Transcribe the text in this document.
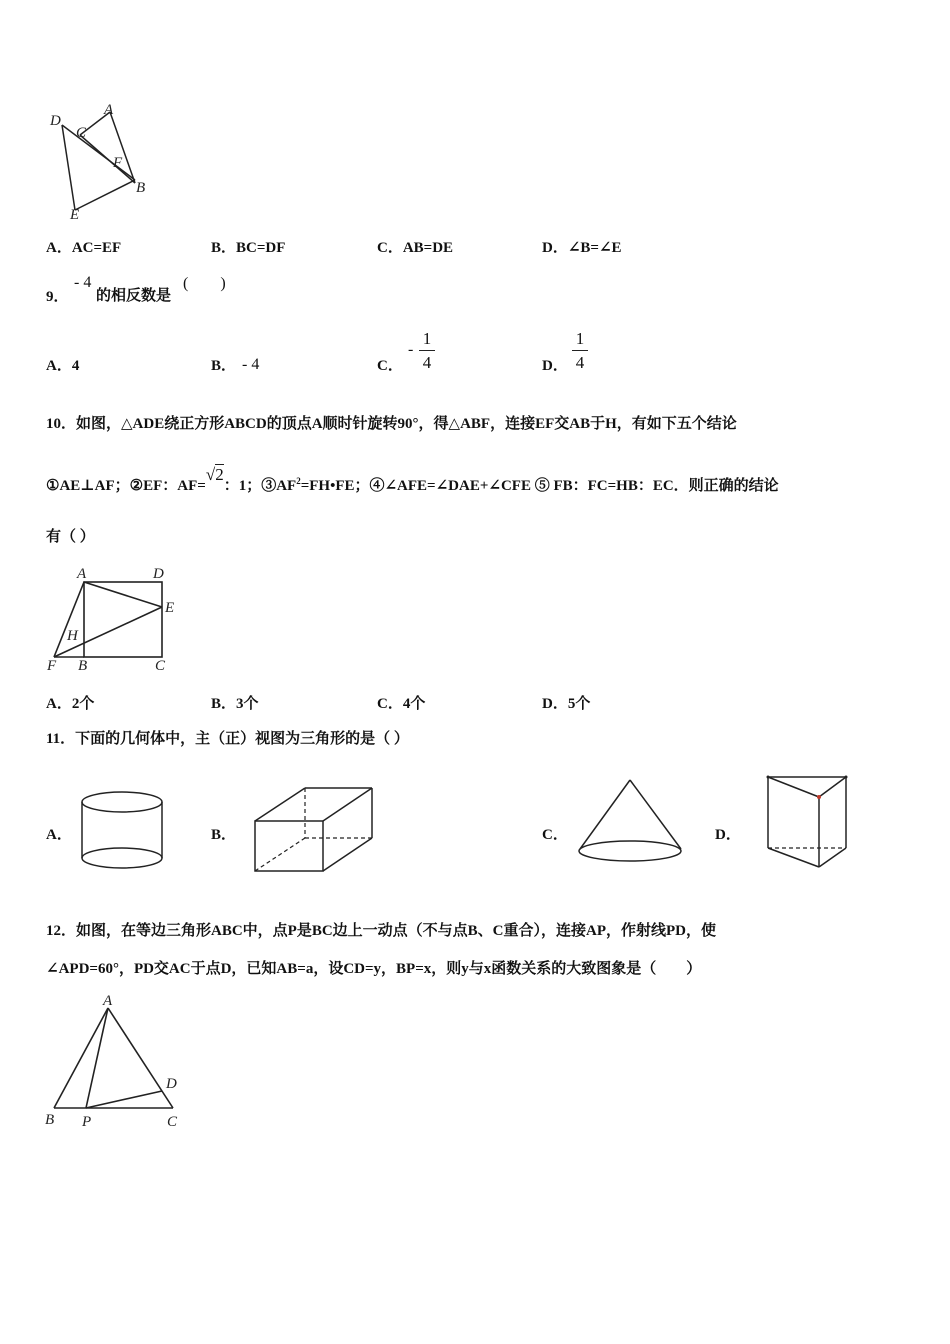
D
C
A
F
B
E
A．AC=EF	B．BC=DF	C．AB=DE	D．∠B=∠E
9．
- 4
的相反数是
(　　)
A．4	B． - 4	C．
-
1
4	D．
1
4
10．如图，△ADE绕正方形ABCD的顶点A顺时针旋转90°，得△ABF，连接EF交AB于H，有如下五个结论
①AE⊥AF；②EF：AF=√2：1；$③AF^2=FH•FE$；④∠AFE=∠DAE+∠CFE ⑤ FB：FC=HB：EC．则正确的结论
有（ ）
A	D
E
H
F B	C
A．2个	B．3个	C．4个	D．5个
11．下面的几何体中，主（正）视图为三角形的是（ ）
A．	B．	C．	D．
12．如图，在等边三角形ABC中，点P是BC边上一动点（不与点B、C重合），连接AP，作射线PD，使
∠APD=60°，PD交AC于点D，已知AB=a，设CD=y，BP=x，则y与x函数关系的大致图象是（　　）
A
D
B P	C
